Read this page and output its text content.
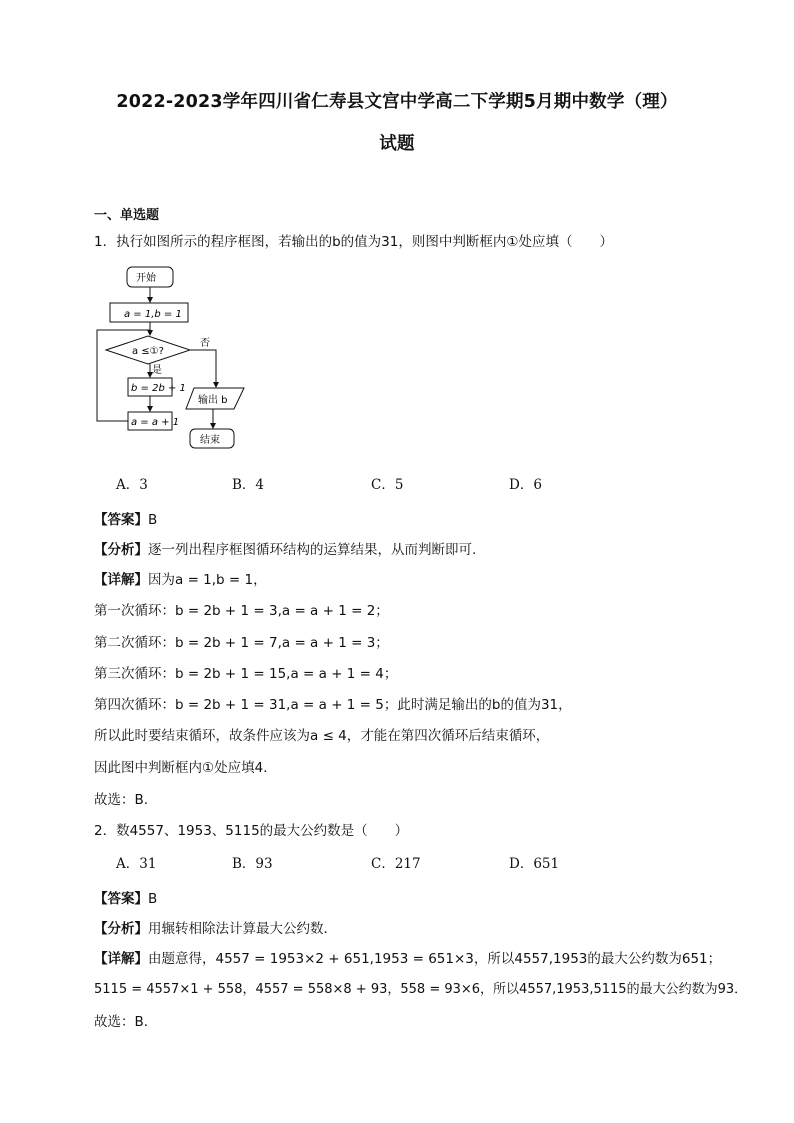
2022-2023学年四川省仁寿县文宫中学高二下学期5月期中数学（理）
试题
一、单选题
1．执行如图所示的程序框图，若输出的b的值为31，则图中判断框内①处应填（　　）
开始
a = 1,b = 1
a ≤①?
否
是
b = 2b + 1
a = a + 1
输出 b
结束
A．3	B．4	C．5	D．6
【答案】B
【分析】逐一列出程序框图循环结构的运算结果，从而判断即可.
【详解】因为a = 1,b = 1，
第一次循环：b = 2b + 1 = 3,a = a + 1 = 2；
第二次循环：b = 2b + 1 = 7,a = a + 1 = 3；
第三次循环：b = 2b + 1 = 15,a = a + 1 = 4；
第四次循环：b = 2b + 1 = 31,a = a + 1 = 5；此时满足输出的b的值为31，
所以此时要结束循环，故条件应该为a ≤ 4，才能在第四次循环后结束循环，
因此图中判断框内①处应填4．
故选：B.
2．数4557、1953、5115的最大公约数是（　　）
A．31	B．93	C．217	D．651
【答案】B
【分析】用辗转相除法计算最大公约数．
【详解】由题意得，4557 = 1953×2 + 651,1953 = 651×3，所以4557,1953的最大公约数为651；
5115 = 4557×1 + 558，4557 = 558×8 + 93，558 = 93×6，所以4557,1953,5115的最大公约数为93．
故选：B．
